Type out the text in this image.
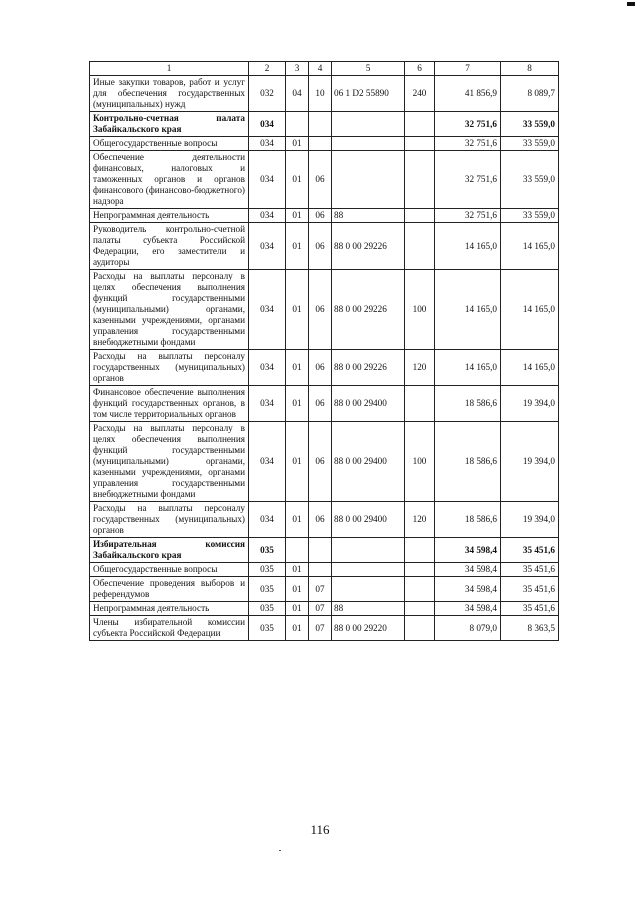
1	2	3	4	5	6	7	8
Иные закупки товаров, работ и услуг для обеспечения государственных (муниципальных) нужд	032	04	10	06 1 D2 55890	240	41 856,9	8 089,7
Контрольно-счетная палата Забайкальского края	034					32 751,6	33 559,0
Общегосударственные вопросы	034	01				32 751,6	33 559,0
Обеспечение деятельности финансовых, налоговых и таможенных органов и органов финансового (финансово-бюджетного) надзора	034	01	06			32 751,6	33 559,0
Непрограммная деятельность	034	01	06	88		32 751,6	33 559,0
Руководитель контрольно-счетной палаты субъекта Российской Федерации, его заместители и аудиторы	034	01	06	88 0 00 29226		14 165,0	14 165,0
Расходы на выплаты персоналу в целях обеспечения выполнения функций государственными (муниципальными) органами, казенными учреждениями, органами управления государственными внебюджетными фондами	034	01	06	88 0 00 29226	100	14 165,0	14 165,0
Расходы на выплаты персоналу государственных (муниципальных) органов	034	01	06	88 0 00 29226	120	14 165,0	14 165,0
Финансовое обеспечение выполнения функций государственных органов, в том числе территориальных органов	034	01	06	88 0 00 29400		18 586,6	19 394,0
Расходы на выплаты персоналу в целях обеспечения выполнения функций государственными (муниципальными) органами, казенными учреждениями, органами управления государственными внебюджетными фондами	034	01	06	88 0 00 29400	100	18 586,6	19 394,0
Расходы на выплаты персоналу государственных (муниципальных) органов	034	01	06	88 0 00 29400	120	18 586,6	19 394,0
Избирательная комиссия Забайкальского края	035					34 598,4	35 451,6
Общегосударственные вопросы	035	01				34 598,4	35 451,6
Обеспечение проведения выборов и референдумов	035	01	07			34 598,4	35 451,6
Непрограммная деятельность	035	01	07	88		34 598,4	35 451,6
Члены избирательной комиссии субъекта Российской Федерации	035	01	07	88 0 00 29220		8 079,0	8 363,5
116
